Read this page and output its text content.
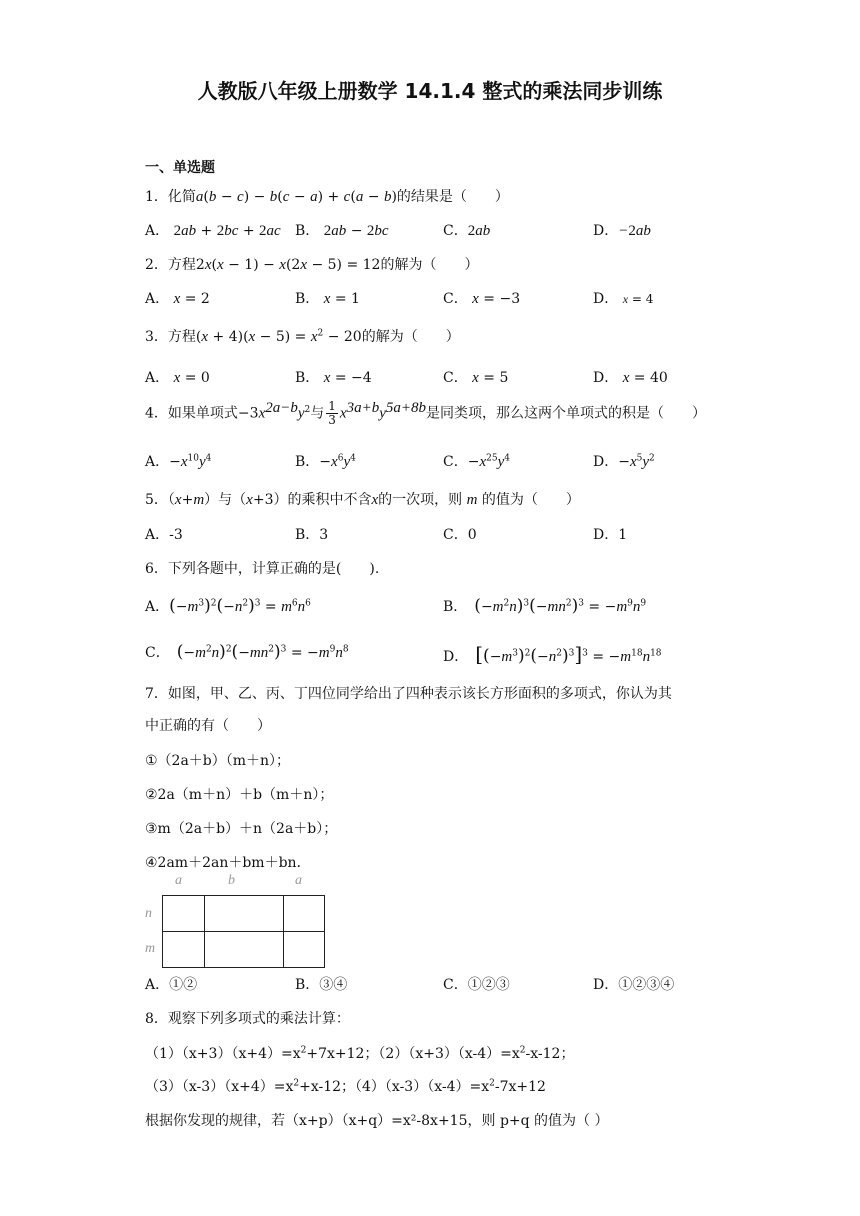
人教版八年级上册数学 14.1.4 整式的乘法同步训练
一、单选题
1．化简a(b − c) − b(c − a) + c(a − b)的结果是（　　）
A． 2ab + 2bc + 2ac B． 2ab − 2bc	C．2ab	D．−2ab
2．方程2x(x − 1) − x(2x − 5) = 12的解为（　　）
A． x = 2	B． x = 1	C． x = −3	D． x = 4
3．方程$(x + 4)(x - 5) = x^2 - 20$的解为（　　）
A． x = 0	B． x = −4	C． x = 5	D． x = 40
4．如果单项式$-3x^{2a-b}y^2$与 $\frac{1}{3} x^{3a+b}y^{5a+8b}$是同类项，那么这两个单项式的积是（　　）
A．$-x^{10}y^4$	B．$-x^6y^4$	C．$-x^{25}y^4$	D．$-x^5y^2$
5．（x+m）与（x+3）的乘积中不含x的一次项，则 m 的值为（　　）
A．-3	B．3	C．0	D．1
6．下列各题中，计算正确的是(　　).
A．$(-m^3)^2(-n^2)^3 = m^6n^6$	B．　 $(-m^2n)^3(-mn^2)^3 = -m^9n^9$
C．　 $(-m^2n)^2(-mn^2)^3 = -m^9n^8$	D．　 $[(-m^3)^2(-n^2)^3]^3 = -m^{18}n^{18}$
7．如图，甲、乙、丙、丁四位同学给出了四种表示该长方形面积的多项式，你认为其
中正确的有（　　）
①（2a＋b）（m＋n）；
②2a（m＋n）＋b（m＋n）；
③m（2a＋b）＋n（2a＋b）；
④2am＋2an＋bm＋bn．
a	b	a
n
m

A．①②	B．③④	C．①②③	D．①②③④
8．观察下列多项式的乘法计算：
$(1)(x+3)(x+4)=x^2+7x+12$；$(2)(x+3)(x-4)=x^2-x-12$；
$(3)(x-3)(x+4)=x^2+x-12$；$(4)(x-3)(x-4)=x^2-7x+12$
根据你发现的规律，若（x+p）（x+q）=x²-8x+15，则 p+q 的值为（ ）
